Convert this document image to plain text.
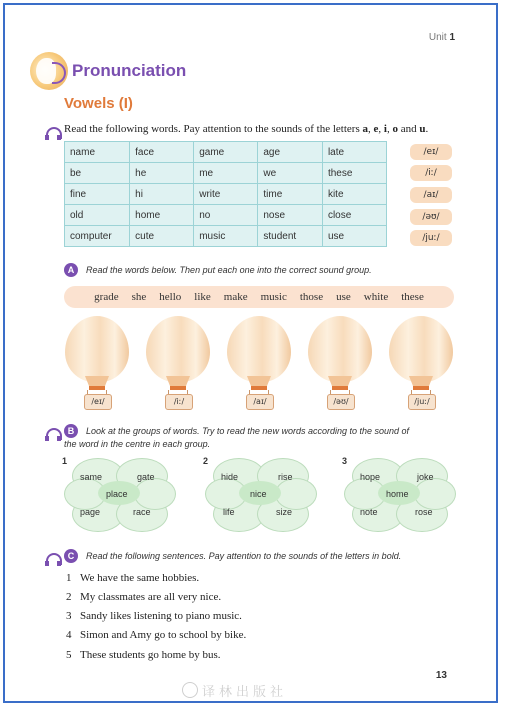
Unit 1
Pronunciation
Vowels (I)
Read the following words. Pay attention to the sounds of the letters a, e, i, o and u.
name	face	game	age	late
be	he	me	we	these
fine	hi	write	time	kite
old	home	no	nose	close
computer	cute	music	student	use
/eɪ/
/iː/
/aɪ/
/əʊ/
/juː/
A	Read the words below. Then put each one into the correct sound group.
grade she hello like make music those use white these
/eɪ/	/iː/	/aɪ/	/əʊ/	/juː/
B	Look at the groups of words. Try to read the new words according to the sound of
the word in the centre in each group.
1
same	gate
page	race
place
2
hide	rise
life	size
nice
3
hope	joke
note	rose
home
C	Read the following sentences. Pay attention to the sounds of the letters in bold.
1 We have the same hobbies.
2 My classmates are all very nice.
3 Sandy likes listening to piano music.
4 Simon and Amy go to school by bike.
5 These students go home by bus.
13
译林出版社
